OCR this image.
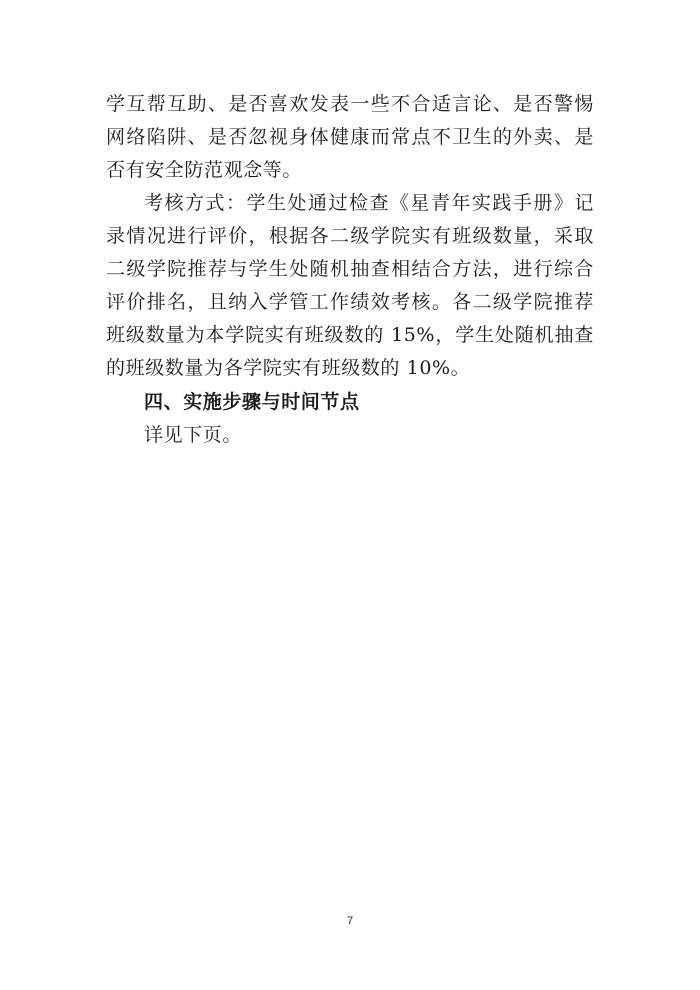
学互帮互助、是否喜欢发表一些不合适言论、是否警惕网络陷阱、是否忽视身体健康而常点不卫生的外卖、是否有安全防范观念等。

考核方式：学生处通过检查《星青年实践手册》记录情况进行评价，根据各二级学院实有班级数量，采取二级学院推荐与学生处随机抽查相结合方法，进行综合评价排名，且纳入学管工作绩效考核。各二级学院推荐班级数量为本学院实有班级数的 15%，学生处随机抽查的班级数量为各学院实有班级数的 10%。

四、实施步骤与时间节点

详见下页。

7
